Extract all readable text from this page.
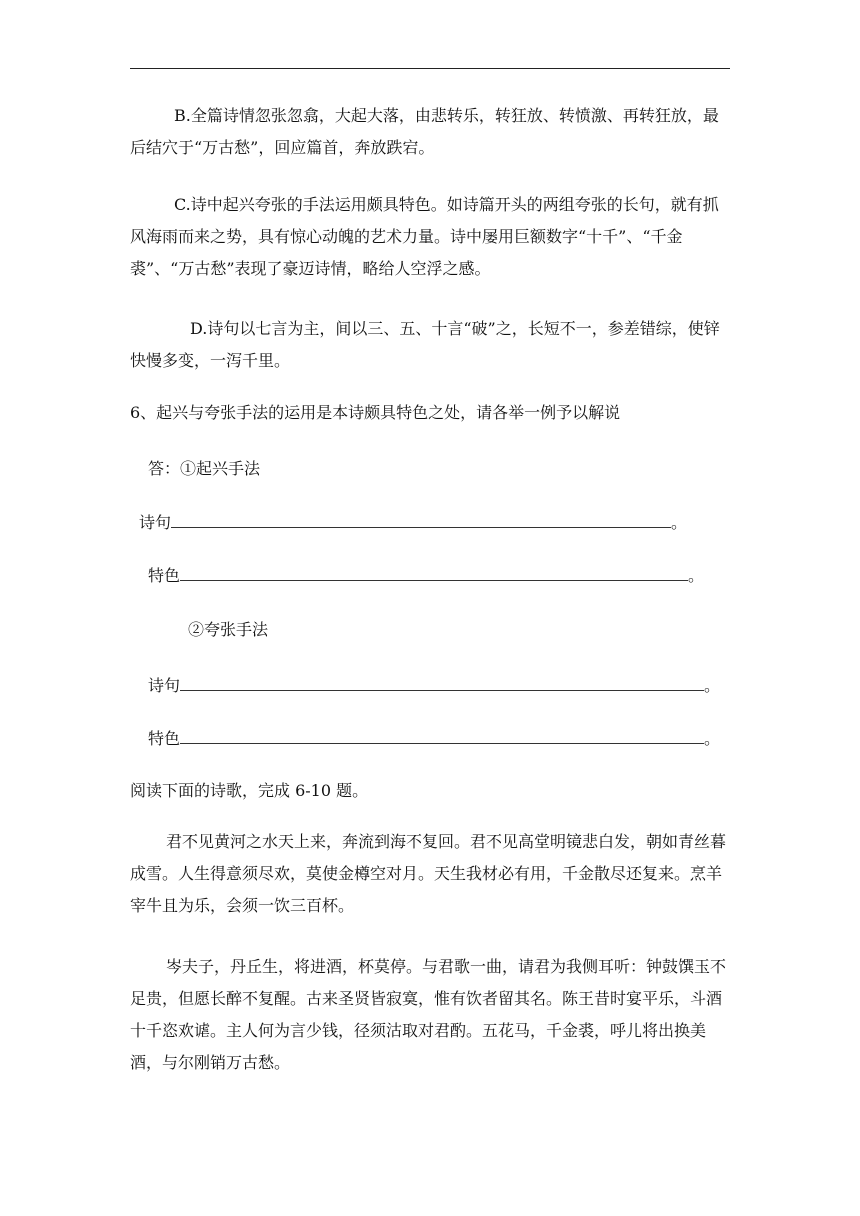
B.全篇诗情忽张忽翕，大起大落，由悲转乐，转狂放、转愤激、再转狂放，最后结穴于“万古愁”，回应篇首，奔放跌宕。

C.诗中起兴夸张的手法运用颇具特色。如诗篇开头的两组夸张的长句，就有抓风海雨而来之势，具有惊心动魄的艺术力量。诗中屡用巨额数字“十千”、“千金裘”、“万古愁”表现了豪迈诗情，略给人空浮之感。

D.诗句以七言为主，间以三、五、十言“破”之，长短不一，参差错综，使锌快慢多变，一泻千里。

6、起兴与夸张手法的运用是本诗颇具特色之处，请各举一例予以解说
答：①起兴手法
诗句	。
特色	。
②夸张手法
诗句	。
特色	。
阅读下面的诗歌，完成 6-10 题。

君不见黄河之水天上来，奔流到海不复回。君不见高堂明镜悲白发，朝如青丝暮成雪。人生得意须尽欢，莫使金樽空对月。天生我材必有用，千金散尽还复来。烹羊宰牛且为乐，会须一饮三百杯。

岑夫子，丹丘生，将进酒，杯莫停。与君歌一曲，请君为我侧耳听：钟鼓馔玉不足贵，但愿长醉不复醒。古来圣贤皆寂寞，惟有饮者留其名。陈王昔时宴平乐，斗酒十千恣欢谑。主人何为言少钱，径须沽取对君酌。五花马，千金裘，呼儿将出换美酒，与尔刚销万古愁。
